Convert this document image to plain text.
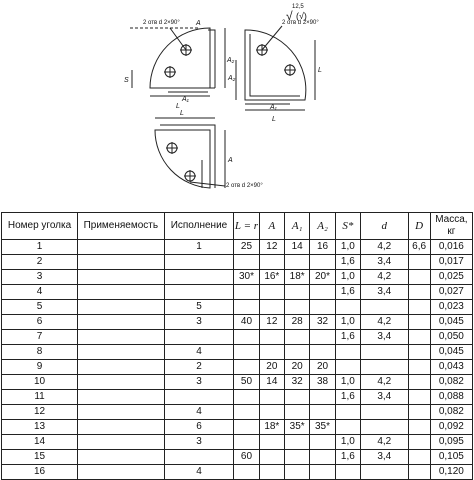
2 отв d 2×90°	2 отв d 2×90°
2 отв d 2×90°
12,5
√ (√)
A
A₁
L
A₂
S
A₁
L
L
A₂
L
A
Номер уголка	Применяемость	Исполнение	L = r	A	A₁	A₂	S*	d	D	Масса, кг
1		1	25	12	14	16	1,0	4,2	6,6	0,016
2							1,6	3,4		0,017
3			30*	16*	18*	20*	1,0	4,2		0,025
4							1,6	3,4		0,027
5		5								0,023
6		3	40	12	28	32	1,0	4,2		0,045
7							1,6	3,4		0,050
8		4								0,045
9		2		20	20	20				0,043
10		3	50	14	32	38	1,0	4,2		0,082
11							1,6	3,4		0,088
12		4								0,082
13		6		18*	35*	35*				0,092
14		3					1,0	4,2		0,095
15			60				1,6	3,4		0,105
16		4								0,120
